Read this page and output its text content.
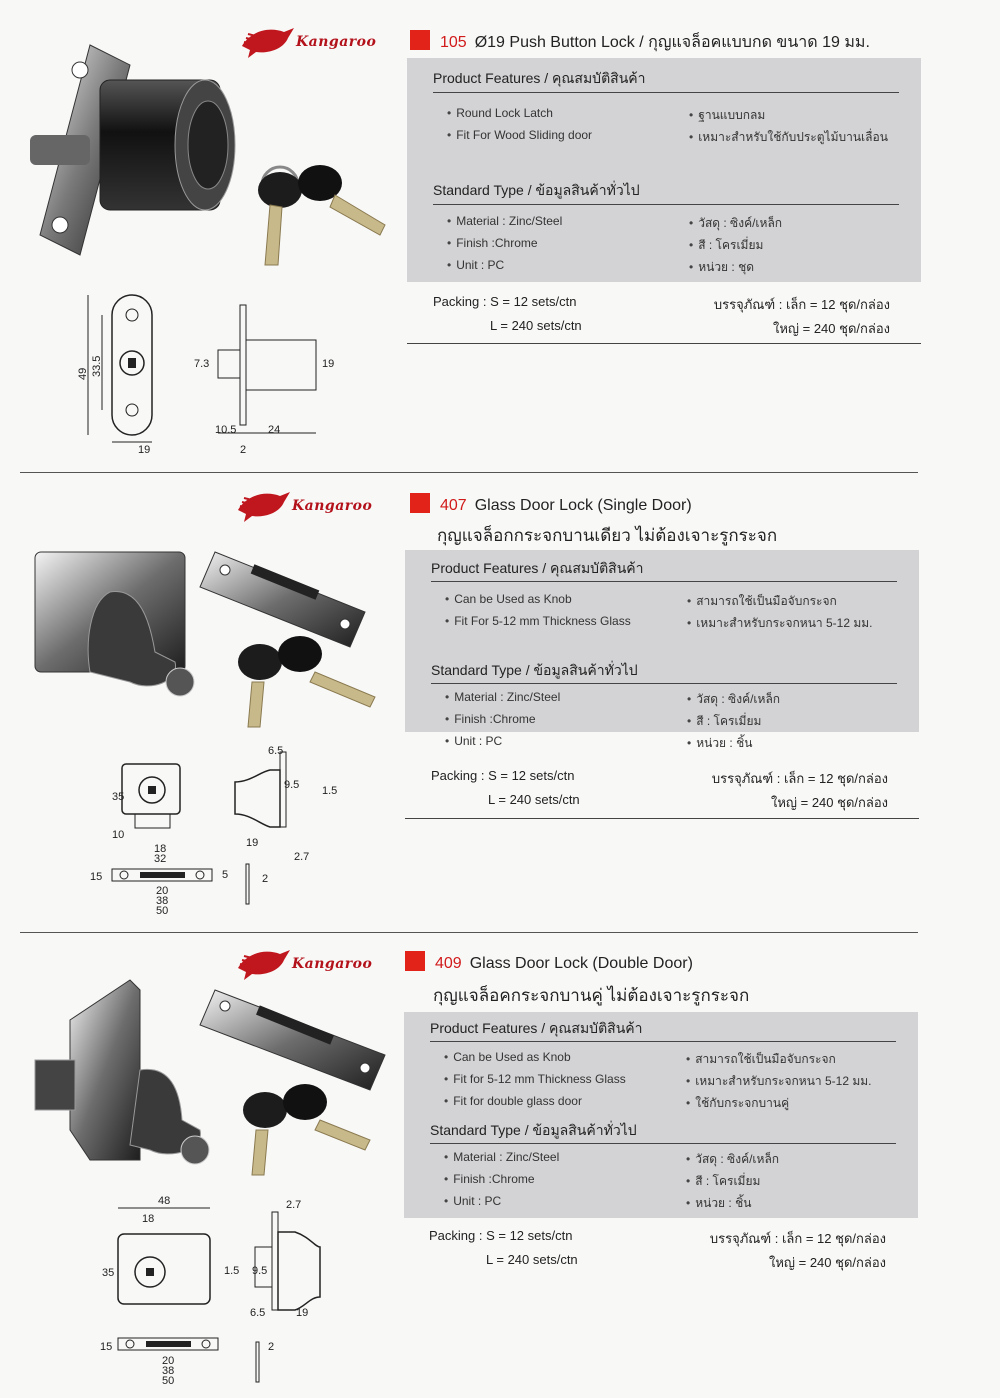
Kangaroo	105 Ø19 Push Button Lock / กุญแจล็อคแบบกด ขนาด 19 มม.
49 33.5
19
7.3	19
10.5	24
2
Product Features / คุณสมบัติสินค้า
• Round Lock Latch
• Fit For Wood Sliding door
• ฐานแบบกลม
• เหมาะสำหรับใช้กับประตูไม้บานเลื่อน
Standard Type / ข้อมูลสินค้าทั่วไป
• Material : Zinc/Steel
• Finish :Chrome
• Unit : PC
• วัสดุ : ซิงค์/เหล็ก
• สี : โครเมี่ยม
• หน่วย : ชุด
Packing : S = 12 sets/ctn
L = 240 sets/ctn
บรรจุภัณฑ์ : เล็ก = 12 ชุด/กล่อง
ใหญ่ = 240 ชุด/กล่อง
Kangaroo	407 Glass Door Lock (Single Door)
กุญแจล็อกกระจกบานเดียว ไม่ต้องเจาะรูกระจก
35
10
18
32
6.5
9.5 1.5
19
2.7
15	5
20
38
50
2
Product Features / คุณสมบัติสินค้า
• Can be Used as Knob
• Fit For 5-12 mm Thickness Glass
• สามารถใช้เป็นมือจับกระจก
• เหมาะสำหรับกระจกหนา 5-12 มม.
Standard Type / ข้อมูลสินค้าทั่วไป
• Material : Zinc/Steel
• Finish :Chrome
• วัสดุ : ซิงค์/เหล็ก
• สี : โครเมี่ยม
• Unit : PC	• หน่วย : ชิ้น
Packing : S = 12 sets/ctn
L = 240 sets/ctn
บรรจุภัณฑ์ : เล็ก = 12 ชุด/กล่อง
ใหญ่ = 240 ชุด/กล่อง
Kangaroo	409 Glass Door Lock (Double Door)
กุญแจล็อคกระจกบานคู่ ไม่ต้องเจาะรูกระจก
48
18
35	1.5 9.5
6.5	19
2.7
15
20
38
50
2
Product Features / คุณสมบัติสินค้า
• Can be Used as Knob
• Fit for 5-12 mm Thickness Glass
• Fit for double glass door
• สามารถใช้เป็นมือจับกระจก
• เหมาะสำหรับกระจกหนา 5-12 มม.
• ใช้กับกระจกบานคู่
Standard Type / ข้อมูลสินค้าทั่วไป
• Material : Zinc/Steel
• Finish :Chrome
• Unit : PC
• วัสดุ : ซิงค์/เหล็ก
• สี : โครเมี่ยม
• หน่วย : ชิ้น
Packing : S = 12 sets/ctn
L = 240 sets/ctn
บรรจุภัณฑ์ : เล็ก = 12 ชุด/กล่อง
ใหญ่ = 240 ชุด/กล่อง
